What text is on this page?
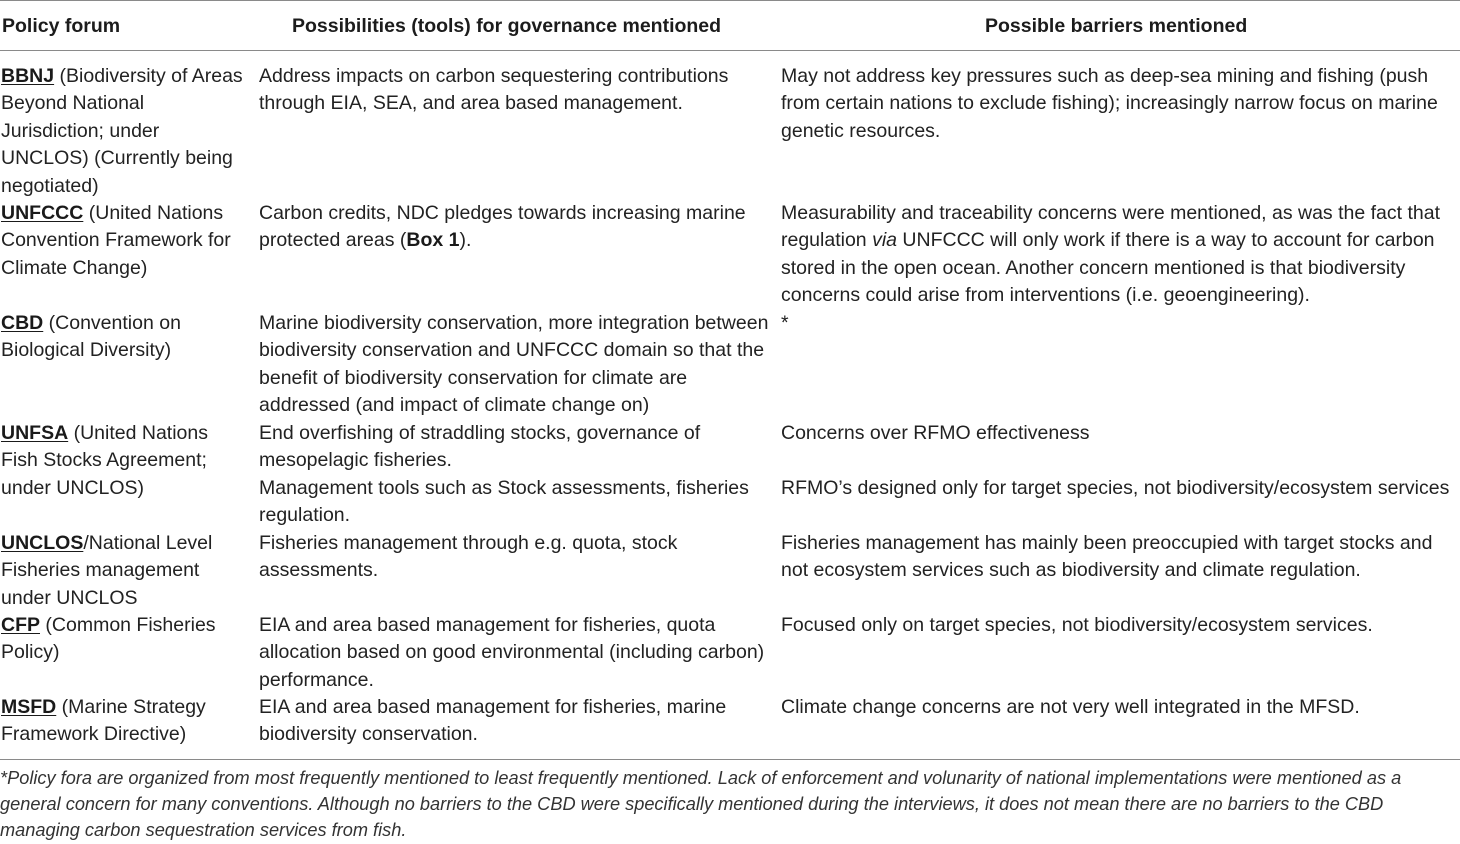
Policy forum	Possibilities (tools) for governance mentioned	Possible barriers mentioned
BBNJ (Biodiversity of Areas Beyond National Jurisdiction; under UNCLOS) (Currently being negotiated)
Address impacts on carbon sequestering contributions through EIA, SEA, and area based management.
May not address key pressures such as deep-sea mining and fishing (push from certain nations to exclude fishing); increasingly narrow focus on marine genetic resources.
UNFCCC (United Nations Convention Framework for Climate Change)
Carbon credits, NDC pledges towards increasing marine protected areas (Box 1).
Measurability and traceability concerns were mentioned, as was the fact that regulation via UNFCCC will only work if there is a way to account for carbon stored in the open ocean. Another concern mentioned is that biodiversity concerns could arise from interventions (i.e. geoengineering).
CBD (Convention on Biological Diversity)
Marine biodiversity conservation, more integration between biodiversity conservation and UNFCCC domain so that the benefit of biodiversity conservation for climate are addressed (and impact of climate change on)
*
UNFSA (United Nations Fish Stocks Agreement; under UNCLOS)
End overfishing of straddling stocks, governance of mesopelagic fisheries.
Concerns over RFMO effectiveness
Management tools such as Stock assessments, fisheries regulation.
RFMO’s designed only for target species, not biodiversity/ecosystem services
UNCLOS/National Level Fisheries management under UNCLOS
Fisheries management through e.g. quota, stock assessments.
Fisheries management has mainly been preoccupied with target stocks and not ecosystem services such as biodiversity and climate regulation.
CFP (Common Fisheries Policy)
EIA and area based management for fisheries, quota allocation based on good environmental (including carbon) performance.
Focused only on target species, not biodiversity/ecosystem services.
MSFD (Marine Strategy Framework Directive)
EIA and area based management for fisheries, marine biodiversity conservation.
Climate change concerns are not very well integrated in the MFSD.
*Policy fora are organized from most frequently mentioned to least frequently mentioned. Lack of enforcement and volunarity of national implementations were mentioned as a general concern for many conventions. Although no barriers to the CBD were specifically mentioned during the interviews, it does not mean there are no barriers to the CBD managing carbon sequestration services from fish.
